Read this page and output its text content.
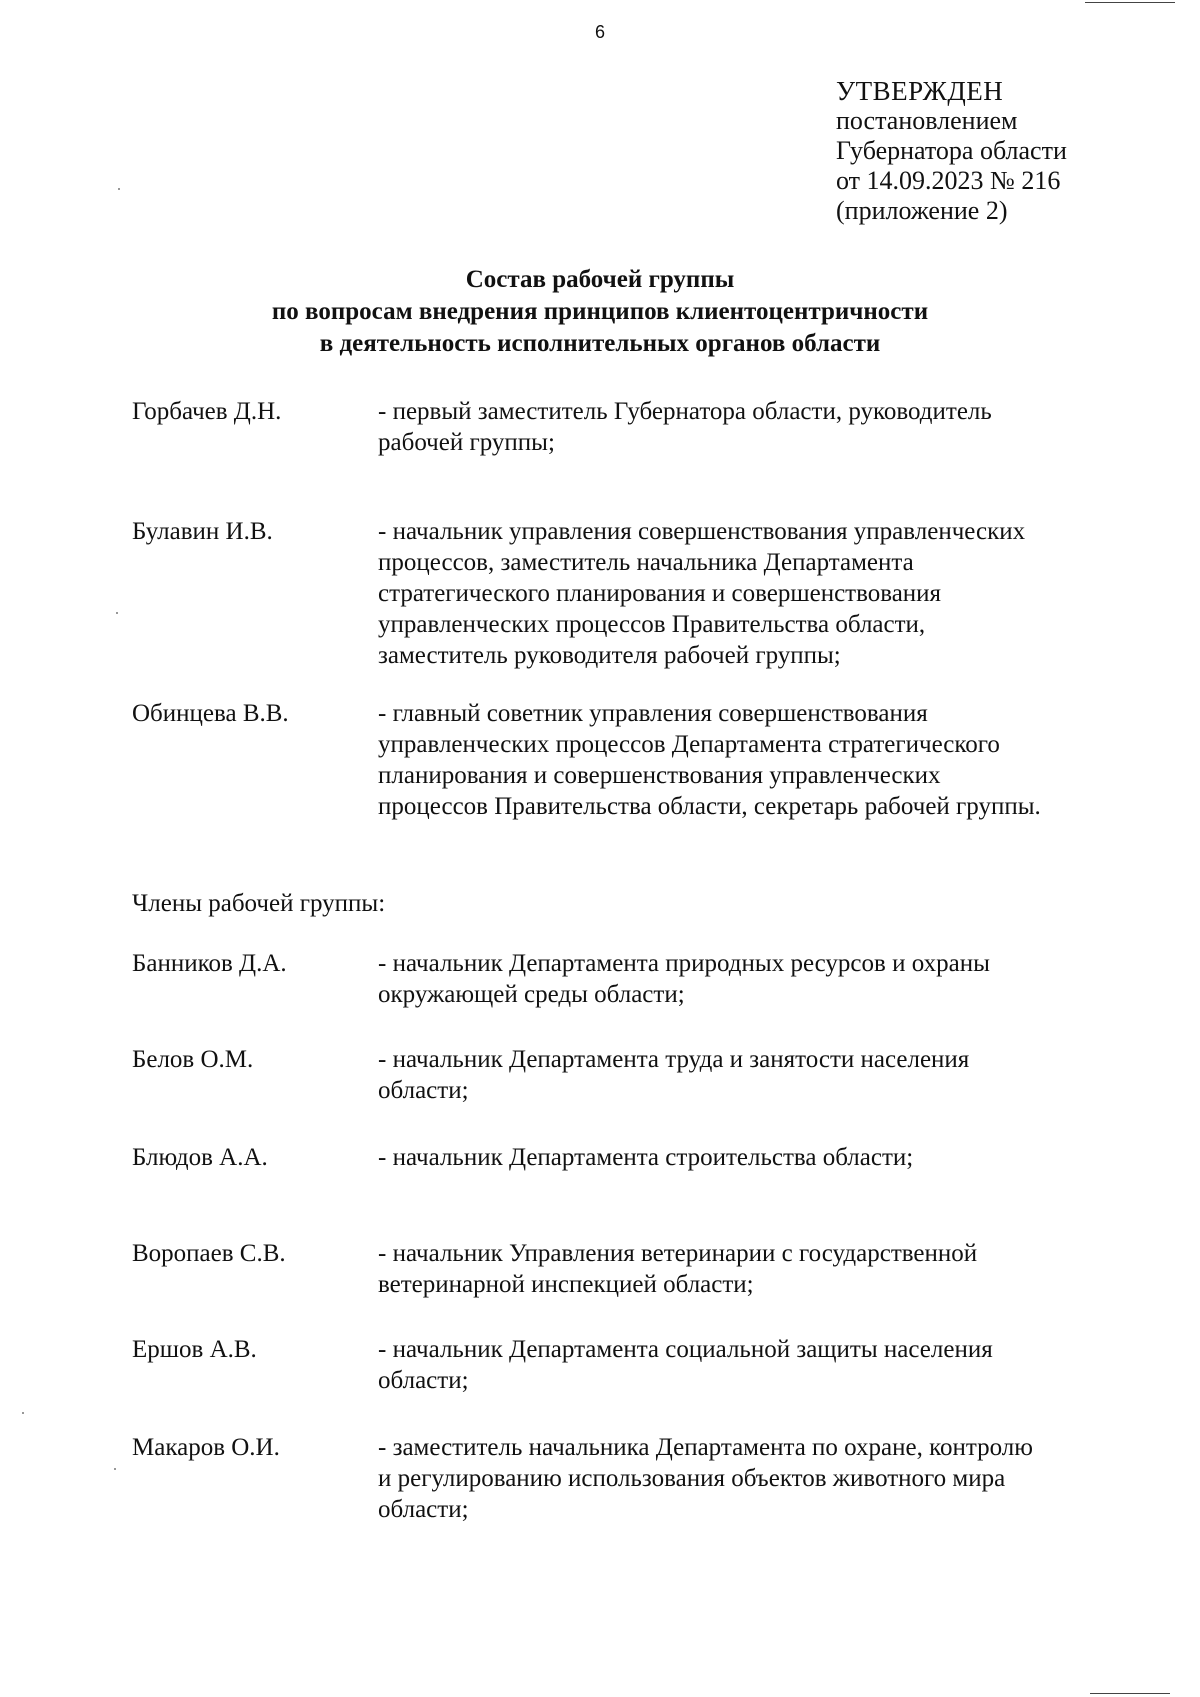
6
УТВЕРЖДЕН
постановлением
Губернатора области
от 14.09.2023 № 216
(приложение 2)
Состав рабочей группы
по вопросам внедрения принципов клиентоцентричности
в деятельность исполнительных органов области
Горбачев Д.Н.	- первый заместитель Губернатора области, руководитель
рабочей группы;
Булавин И.В.	- начальник управления совершенствования управленческих
процессов, заместитель начальника Департамента
стратегического планирования и совершенствования
управленческих процессов Правительства области,
заместитель руководителя рабочей группы;
Обинцева В.В.	- главный советник управления совершенствования
управленческих процессов Департамента стратегического
планирования и совершенствования управленческих
процессов Правительства области, секретарь рабочей группы.
Члены рабочей группы:
Банников Д.А.	- начальник Департамента природных ресурсов и охраны
окружающей среды области;
Белов О.М.	- начальник Департамента труда и занятости населения
области;
Блюдов А.А.	- начальник Департамента строительства области;
Воропаев С.В.	- начальник Управления ветеринарии с государственной
ветеринарной инспекцией области;
Ершов А.В.	- начальник Департамента социальной защиты населения
области;
Макаров О.И.	- заместитель начальника Департамента по охране, контролю
и регулированию использования объектов животного мира
области;
